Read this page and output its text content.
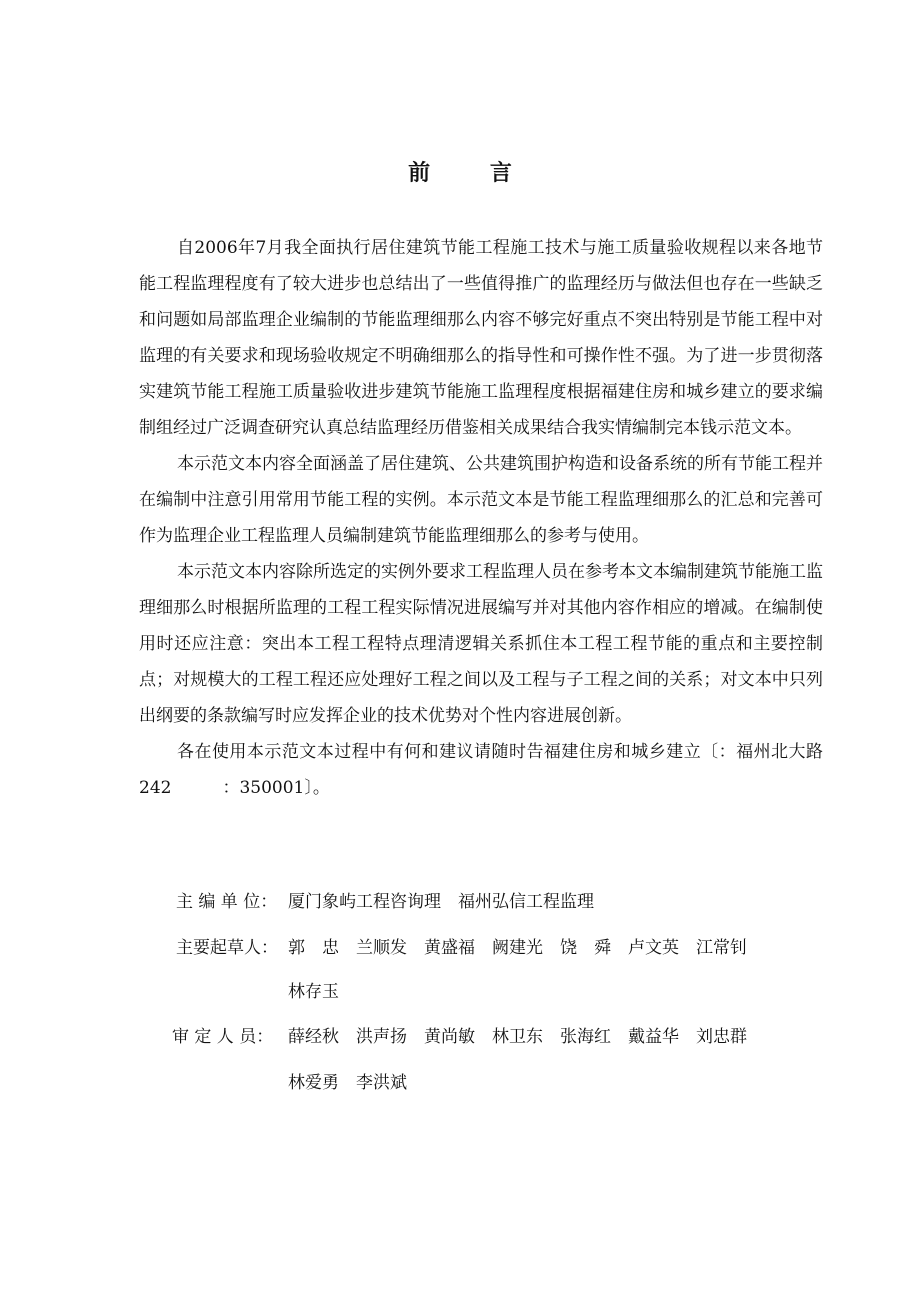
前 言

自2006年7月我全面执行居住建筑节能工程施工技术与施工质量验收规程以来各地节能工程监理程度有了较大进步也总结出了一些值得推广的监理经历与做法但也存在一些缺乏和问题如局部监理企业编制的节能监理细那么内容不够完好重点不突出特别是节能工程中对监理的有关要求和现场验收规定不明确细那么的指导性和可操作性不强。为了进一步贯彻落实建筑节能工程施工质量验收进步建筑节能施工监理程度根据福建住房和城乡建立的要求编制组经过广泛调查研究认真总结监理经历借鉴相关成果结合我实情编制完本钱示范文本。

本示范文本内容全面涵盖了居住建筑、公共建筑围护构造和设备系统的所有节能工程并在编制中注意引用常用节能工程的实例。本示范文本是节能工程监理细那么的汇总和完善可作为监理企业工程监理人员编制建筑节能监理细那么的参考与使用。

本示范文本内容除所选定的实例外要求工程监理人员在参考本文本编制建筑节能施工监理细那么时根据所监理的工程工程实际情况进展编写并对其他内容作相应的增减。在编制使用时还应注意：突出本工程工程特点理清逻辑关系抓住本工程工程节能的重点和主要控制点；对规模大的工程工程还应处理好工程之间以及工程与子工程之间的关系；对文本中只列出纲要的条款编写时应发挥企业的技术优势对个性内容进展创新。

各在使用本示范文本过程中有何和建议请随时告福建住房和城乡建立〔：福州北大路242　　　：350001〕。

主 编 单 位： 厦门象屿工程咨询理　福州弘信工程监理
主要起草人： 郭　忠　兰顺发　黄盛福　阙建光　饶　舜　卢文英　江常钊
林存玉
审 定 人 员： 薛经秋　洪声扬　黄尚敏　林卫东　张海红　戴益华　刘忠群
林爱勇　李洪斌
